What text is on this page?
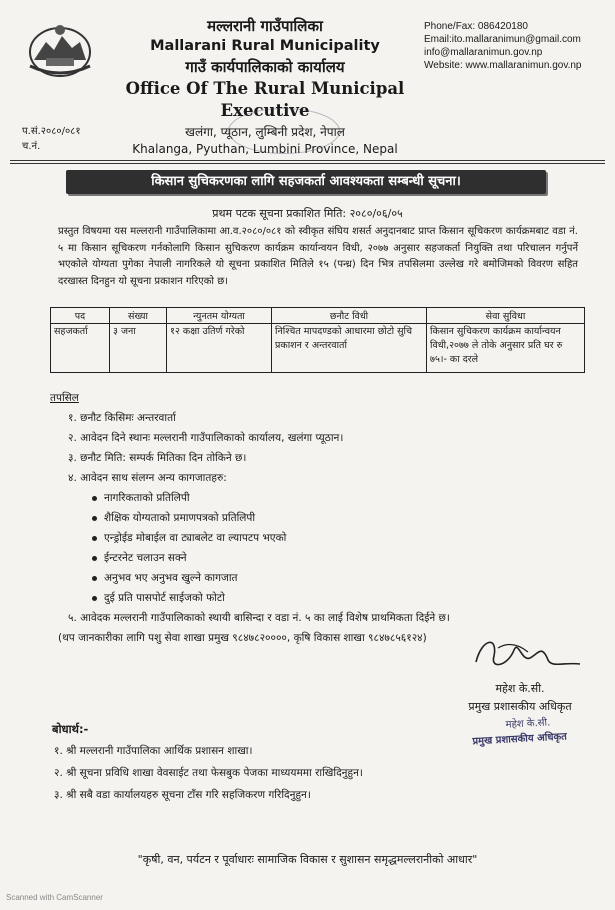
मल्लरानी गाउँपालिका
Mallarani Rural Municipality
गाउँ कार्यपालिकाको कार्यालय
Office Of The Rural Municipal Executive
खलंगा, प्यूठान, लुम्बिनी प्रदेश, नेपाल
Khalanga, Pyuthan, Lumbini Province, Nepal
Phone/Fax: 086420180
Email:ito.mallaranimun@gmail.com
info@mallaranimun.gov.np
Website: www.mallaranimun.gov.np
प.सं.२०८०/०८१
च.नं.
किसान सुचिकरणका लागि सहजकर्ता आवश्यकता सम्बन्धी सूचना।
प्रथम पटक सूचना प्रकाशित मिति: २०८०/०६/०५
प्रस्तुत विषयमा यस मल्लरानी गाउँपालिकामा आ.व.२०८०/०८१ को स्वीकृत संघिय शसर्त अनुदानबाट प्राप्त किसान सूचिकरण कार्यक्रमबाट वडा नं. ५ मा किसान सूचिकरण गर्नकोलागि किसान सुचिकरण कार्यक्रम कार्यान्वयन विधी, २०७७ अनुसार सहजकर्ता नियुक्ति तथा परिचालन गर्नुपर्ने भएकोले योग्यता पुगेका नेपाली नागरिकले यो सूचना प्रकाशित मितिले १५ (पन्ध्र) दिन भित्र तपसिलमा उल्लेख गरे बमोजिमको विवरण सहित दरखास्त दिनहुन यो सूचना प्रकाशन गरिएको छ।
पद	संख्या	न्युनतम योग्यता	छनौट विधी	सेवा सुविधा
सहजकर्ता	३ जना	१२ कक्षा उतिर्ण गरेको	निश्चित मापदण्डको आधारमा छोटो सुचि प्रकाशन र अन्तरवार्ता	किसान सुचिकरण कार्यक्रम कार्यान्वयन विधी,२०७७ ले तोके अनुसार प्रति घर रु ७५।- का दरले
तपसिल
१. छनौट किसिमः अन्तरवार्ता
२. आवेदन दिने स्थानः मल्लरानी गाउँपालिकाको कार्यालय, खलंगा प्यूठान।
३. छनौट मिति: सम्पर्क मितिका दिन तोकिने छ।
४. आवेदन साथ संलग्न अन्य कागजातहरु:
नागरिकताको प्रतिलिपी
शैक्षिक योग्यताको प्रमाणपत्रको प्रतिलिपी
एन्ड्रोईड मोबाईल वा ट्याबलेट वा ल्यापटप भएको
ईन्टरनेट चलाउन सक्ने
अनुभव भए अनुभव खुल्ने कागजात
दुई प्रति पासपोर्ट साईजको फोटो
५. आवेदक मल्लरानी गाउँपालिकाको स्थायी बासिन्दा र वडा नं. ५ का लाई विशेष प्राथमिकता दिईने छ।
(थप जानकारीका लागि पशु सेवा शाखा प्रमुख ९८४७८२००००, कृषि विकास शाखा ९८४७८५६१२४)
महेश के.सी.
प्रमुख प्रशासकीय अधिकृत
महेश के.सी.
प्रमुख प्रशासकीय अधिकृत
बोधार्थ:-
१. श्री मल्लरानी गाउँपालिका आर्थिक प्रशासन शाखा।
२. श्री सूचना प्रविधि शाखा वेवसाईट तथा फेसबुक पेजका माध्ययममा राखिदिनुहुन।
३. श्री सबै वडा कार्यालयहरु सूचना टाँस गरि सहजिकरण गरिदिनुहुन।
"कृषी, वन, पर्यटन र पूर्वाधारः सामाजिक विकास र सुशासन समृद्धमल्लरानीको आधार"
Scanned with CamScanner
